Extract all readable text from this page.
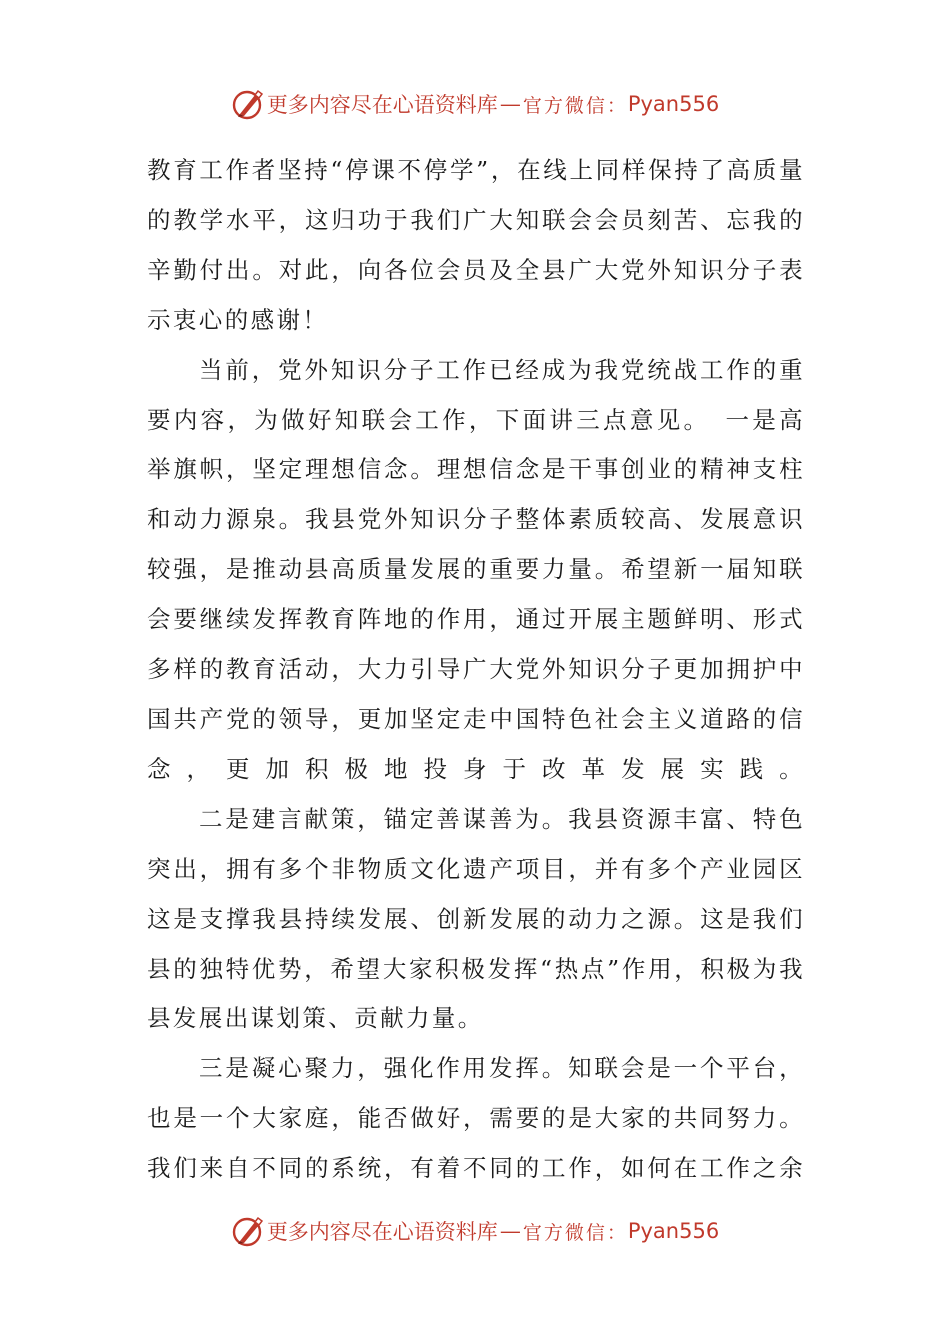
更多内容尽在心语资料库 — 官方微信： Pyan556

教育工作者坚持“停课不停学”，在线上同样保持了高质量的教学水平，这归功于我们广大知联会会员刻苦、忘我的辛勤付出。对此，向各位会员及全县广大党外知识分子表示衷心的感谢！

当前，党外知识分子工作已经成为我党统战工作的重要内容，为做好知联会工作，下面讲三点意见。　一是高举旗帜，坚定理想信念。理想信念是干事创业的精神支柱和动力源泉。我县党外知识分子整体素质较高、发展意识较强，是推动县高质量发展的重要力量。希望新一届知联会要继续发挥教育阵地的作用，通过开展主题鲜明、形式多样的教育活动，大力引导广大党外知识分子更加拥护中国共产党的领导，更加坚定走中国特色社会主义道路的信念，更加积极地投身于改革发展实践。

二是建言献策，锚定善谋善为。我县资源丰富、特色突出，拥有多个非物质文化遗产项目，并有多个产业园区这是支撑我县持续发展、创新发展的动力之源。这是我们县的独特优势，希望大家积极发挥“热点”作用，积极为我县发展出谋划策、贡献力量。

三是凝心聚力，强化作用发挥。知联会是一个平台，也是一个大家庭，能否做好，需要的是大家的共同努力。我们来自不同的系统，有着不同的工作，如何在工作之余

更多内容尽在心语资料库 — 官方微信： Pyan556
